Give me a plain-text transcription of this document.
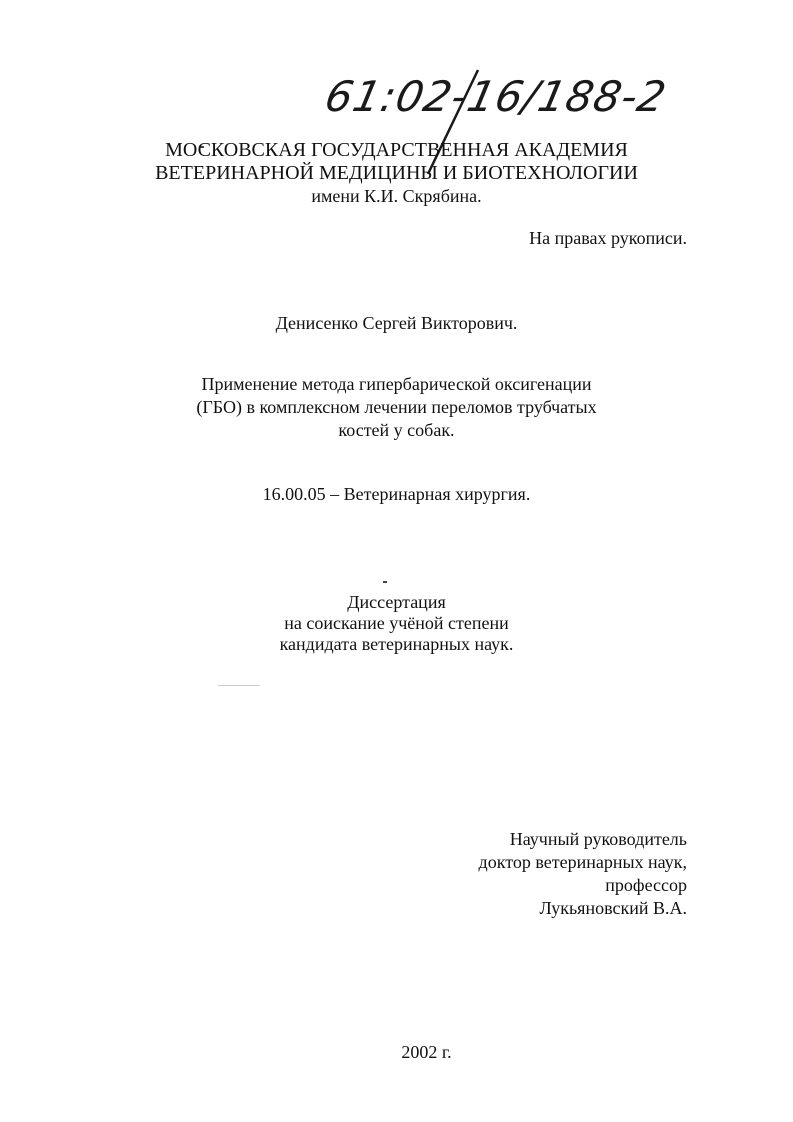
61:02-16/188-2
МОСКОВСКАЯ ГОСУДАРСТВЕННАЯ АКАДЕМИЯ
ВЕТЕРИНАРНОЙ МЕДИЦИНЫ И БИОТЕХНОЛОГИИ
имени К.И. Скрябина.
На правах рукописи.
Денисенко Сергей Викторович.
Применение метода гипербарической оксигенации
(ГБО) в комплексном лечении переломов трубчатых
костей у собак.
16.00.05 – Ветеринарная хирургия.
Диссертация
на соискание учёной степени
кандидата ветеринарных наук.
Научный руководитель
доктор ветеринарных наук,
профессор
Лукьяновский В.А.
2002 г.
